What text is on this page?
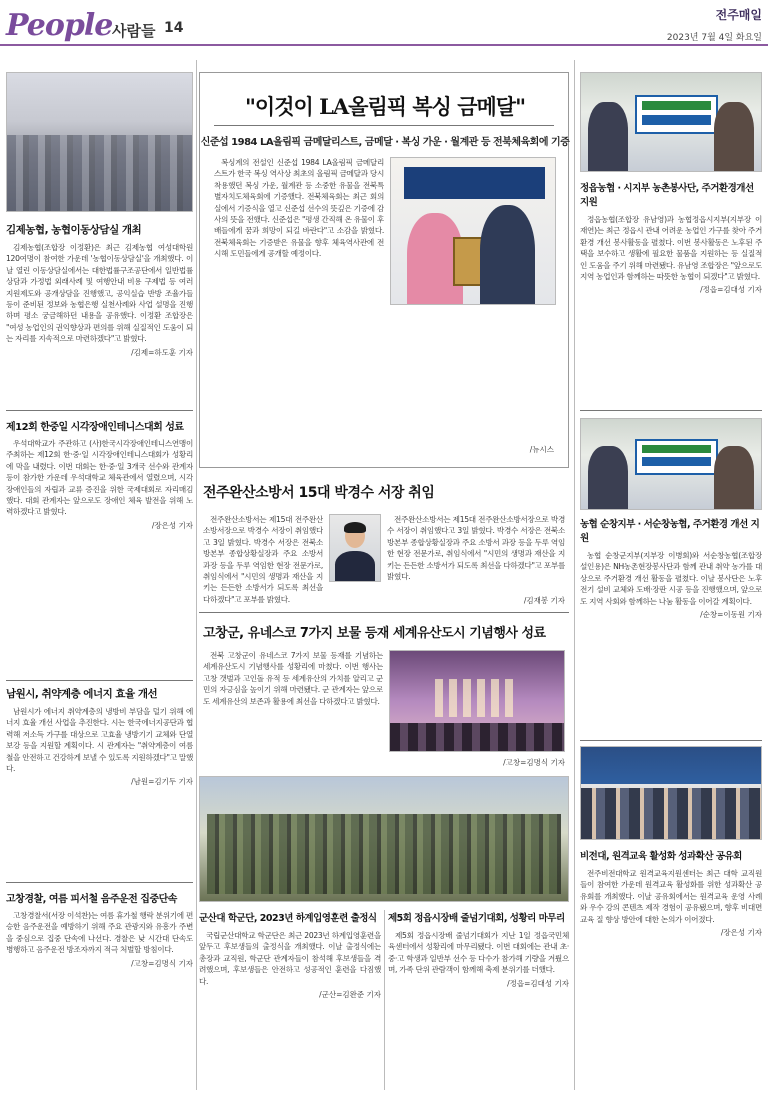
People 사람들 14
전주매일
2023년 7월 4일 화요일
김제농협, 농협이동상담실 개최

김제농협(조합장 이정환)은 최근 김제농협 여성대학원 120여명이 참여한 가운데 '농협이동상담실'을 개최했다. 이날 열린 이동상담실에서는 대한법률구조공단에서 일반법률 상담과 가정법 외래사례 및 여행안내 비용 구제법 등 여러 지원제도와 공개상담을 진행했고, 공익실습 반방 조율가들 등이 준비된 정보와 농협은행 실천사례와 사업 설명을 진행하며 평소 궁금해하던 내용을 공유했다. 이정환 조합장은 "여성 농업인의 권익향상과 편의를 위해 실질적인 도움이 되는 자리를 지속적으로 마련하겠다"고 밝혔다.

/김제=하도훈 기자
제12회 한중일 시각장애인테니스대회 성료

우석대학교가 주관하고 (사)한국시각장애인테니스연맹이 주최하는 제12회 한·중·일 시각장애인테니스대회가 성황리에 막을 내렸다. 이번 대회는 한·중·일 3개국 선수와 관계자 등이 참가한 가운데 우석대학교 체육관에서 열렸으며, 시각장애인들의 자립과 교류 증진을 위한 국제대회로 자리매김했다. 대회 관계자는 앞으로도 장애인 체육 발전을 위해 노력하겠다고 밝혔다.

/장은성 기자
남원시, 취약계층 에너지 효율 개선

남원시가 에너지 취약계층의 냉방비 부담을 덜기 위해 에너지 효율 개선 사업을 추진한다. 시는 한국에너지공단과 협력해 저소득 가구를 대상으로 고효율 냉방기기 교체와 단열 보강 등을 지원할 계획이다. 시 관계자는 "취약계층이 여름철을 안전하고 건강하게 보낼 수 있도록 지원하겠다"고 말했다.

/남원=김기두 기자
고창경찰, 여름 피서철 음주운전 집중단속

고창경찰서(서장 이석찬)는 여름 휴가철 행락 분위기에 편승한 음주운전을 예방하기 위해 주요 관광지와 유흥가 주변을 중심으로 집중 단속에 나선다. 경찰은 낮 시간대 단속도 병행하고 음주운전 방조자까지 적극 처벌할 방침이다.

/고창=김명식 기자
"이것이 LA올림픽 복싱 금메달"
신준섭 1984 LA올림픽 금메달리스트, 금메달 · 복싱 가운 · 월계관 등 전북체육회에 기증

복싱계의 전설인 신준섭 1984 LA올림픽 금메달리스트가 한국 복싱 역사상 최초의 올림픽 금메달과 당시 착용했던 복싱 가운, 월계관 등 소중한 유물을 전북특별자치도체육회에 기증했다. 전북체육회는 최근 회의실에서 기증식을 열고 신준섭 선수의 뜻깊은 기증에 감사의 뜻을 전했다. 신준섭은 "평생 간직해 온 유물이 후배들에게 꿈과 희망이 되길 바란다"고 소감을 밝혔다. 전북체육회는 기증받은 유물을 향후 체육역사관에 전시해 도민들에게 공개할 예정이다.

/뉴시스
전주완산소방서 15대 박경수 서장 취임

전주완산소방서는 제15대 전주완산소방서장으로 박경수 서장이 취임했다고 3일 밝혔다. 박경수 서장은 전북소방본부 종합상황실장과 주요 소방서 과장 등을 두루 역임한 현장 전문가로, 취임식에서 "시민의 생명과 재산을 지키는 든든한 소방서가 되도록 최선을 다하겠다"고 포부를 밝혔다.

전주완산소방서는 제15대 전주완산소방서장으로 박경수 서장이 취임했다고 3일 밝혔다. 박경수 서장은 전북소방본부 종합상황실장과 주요 소방서 과장 등을 두루 역임한 현장 전문가로, 취임식에서 "시민의 생명과 재산을 지키는 든든한 소방서가 되도록 최선을 다하겠다"고 포부를 밝혔다.

/김재봉 기자
고창군, 유네스코 7가지 보물 등재 세계유산도시 기념행사 성료

전북 고창군이 유네스코 7가지 보물 등재를 기념하는 세계유산도시 기념행사를 성황리에 마쳤다. 이번 행사는 고창 갯벌과 고인돌 유적 등 세계유산의 가치를 알리고 군민의 자긍심을 높이기 위해 마련됐다. 군 관계자는 앞으로도 세계유산의 보존과 활용에 최선을 다하겠다고 밝혔다.

/고창=김명식 기자
군산대 학군단, 2023년 하계입영훈련 출정식

국립군산대학교 학군단은 최근 2023년 하계입영훈련을 앞두고 후보생들의 출정식을 개최했다. 이날 출정식에는 총장과 교직원, 학군단 관계자들이 참석해 후보생들을 격려했으며, 후보생들은 안전하고 성공적인 훈련을 다짐했다.

/군산=김완준 기자
제5회 정읍시장배 줄넘기대회, 성황리 마무리

제5회 정읍시장배 줄넘기대회가 지난 1일 정읍국민체육센터에서 성황리에 마무리됐다. 이번 대회에는 관내 초·중·고 학생과 일반부 선수 등 다수가 참가해 기량을 겨뤘으며, 가족 단위 관람객이 함께해 축제 분위기를 더했다.

/정읍=김대성 기자
정읍농협 · 시지부 농촌봉사단, 주거환경개선 지원

정읍농협(조합장 유남영)과 농협정읍시지부(지부장 이재연)는 최근 정읍시 관내 어려운 농업인 가구를 찾아 주거환경 개선 봉사활동을 펼쳤다. 이번 봉사활동은 노후된 주택을 보수하고 생활에 필요한 물품을 지원하는 등 실질적인 도움을 주기 위해 마련됐다. 유남영 조합장은 "앞으로도 지역 농업인과 함께하는 따뜻한 농협이 되겠다"고 밝혔다.

/정읍=김대성 기자
농협 순창지부 · 서순창농협, 주거환경 개선 지원

농협 순창군지부(지부장 이병회)와 서순창농협(조합장 설인용)은 NH농촌현장봉사단과 함께 관내 취약 농가를 대상으로 주거환경 개선 활동을 펼쳤다. 이날 봉사단은 노후 전기 설비 교체와 도배·장판 시공 등을 진행했으며, 앞으로도 지역 사회와 함께하는 나눔 활동을 이어갈 계획이다.

/순창=이동원 기자
비전대, 원격교육 활성화 성과확산 공유회

전주비전대학교 원격교육지원센터는 최근 대학 교직원들이 참여한 가운데 원격교육 활성화를 위한 성과확산 공유회를 개최했다. 이날 공유회에서는 원격교육 운영 사례와 우수 강의 콘텐츠 제작 경험이 공유됐으며, 향후 비대면 교육 질 향상 방안에 대한 논의가 이어졌다.

/장은성 기자
